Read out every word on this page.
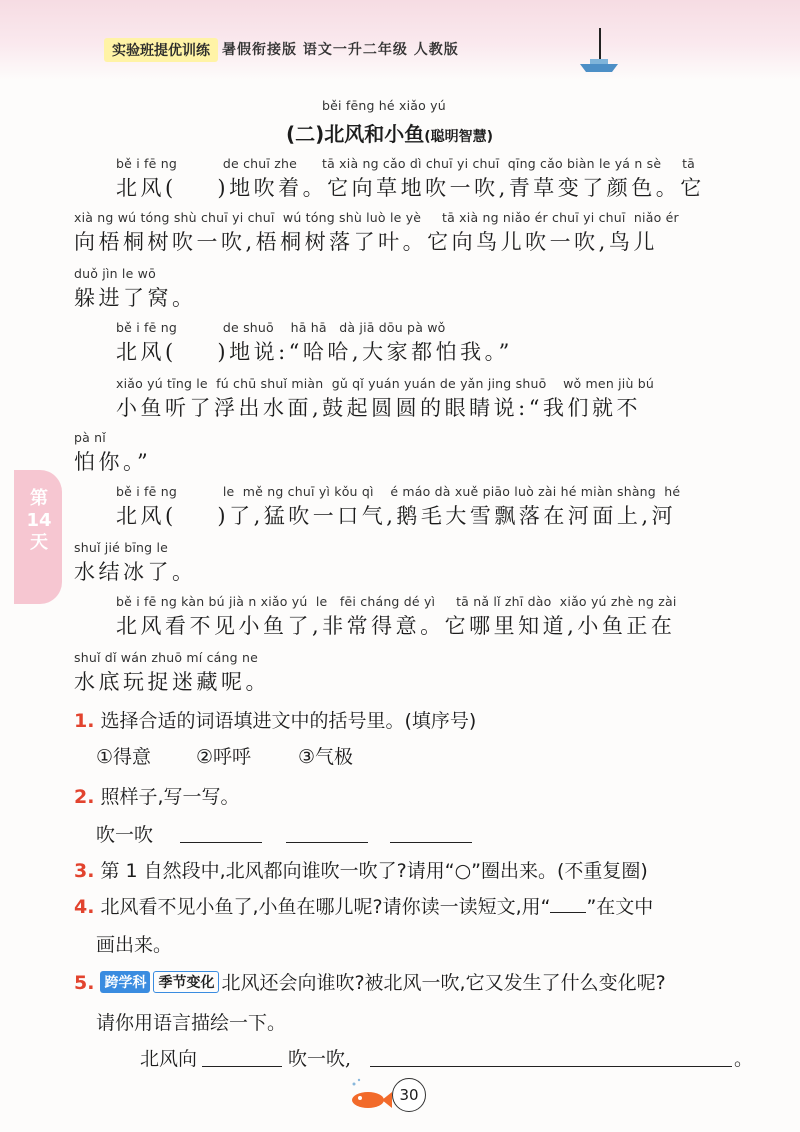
实验班提优训练 暑假衔接版 语文一升二年级 人教版
běi fēng hé xiǎo yú
(二)北风和小鱼(聪明智慧)
bě i fē ng           de chuī zhe      tā xià ng cǎo dì chuī yi chuī  qīng cǎo biàn le yá n sè     tā
北风(    )地吹着。它向草地吹一吹,青草变了颜色。它
xià ng wú tóng shù chuī yi chuī  wú tóng shù luò le yè     tā xià ng niǎo ér chuī yi chuī  niǎo ér
向梧桐树吹一吹,梧桐树落了叶。它向鸟儿吹一吹,鸟儿
duǒ jìn le wō
躲进了窝。
bě i fē ng           de shuō    hā hā   dà jiā dōu pà wǒ
北风(    )地说:“哈哈,大家都怕我。”
xiǎo yú tīng le  fú chū shuǐ miàn  gǔ qǐ yuán yuán de yǎn jing shuō    wǒ men jiù bú
小鱼听了浮出水面,鼓起圆圆的眼睛说:“我们就不
pà nǐ
怕你。”
bě i fē ng           le  mě ng chuī yì kǒu qì    é máo dà xuě piāo luò zài hé miàn shàng  hé
北风(    )了,猛吹一口气,鹅毛大雪飘落在河面上,河
shuǐ jié bīng le
水结冰了。
bě i fē ng kàn bú jià n xiǎo yú  le   fēi cháng dé yì     tā nǎ lǐ zhī dào  xiǎo yú zhè ng zài
北风看不见小鱼了,非常得意。它哪里知道,小鱼正在
shuǐ dǐ wán zhuō mí cáng ne
水底玩捉迷藏呢。
第14天
1. 选择合适的词语填进文中的括号里。(填序号)
①得意 ②呼呼 ③气极
2. 照样子,写一写。
吹一吹
3. 第 1 自然段中,北风都向谁吹一吹了?请用“○”圈出来。(不重复圈)
4. 北风看不见小鱼了,小鱼在哪儿呢?请你读一读短文,用“ ”在文中
画出来。
5. 跨学科 季节变化 北风还会向谁吹?被北风一吹,它又发生了什么变化呢?
请你用语言描绘一下。
北风向	吹一吹,	。
30
